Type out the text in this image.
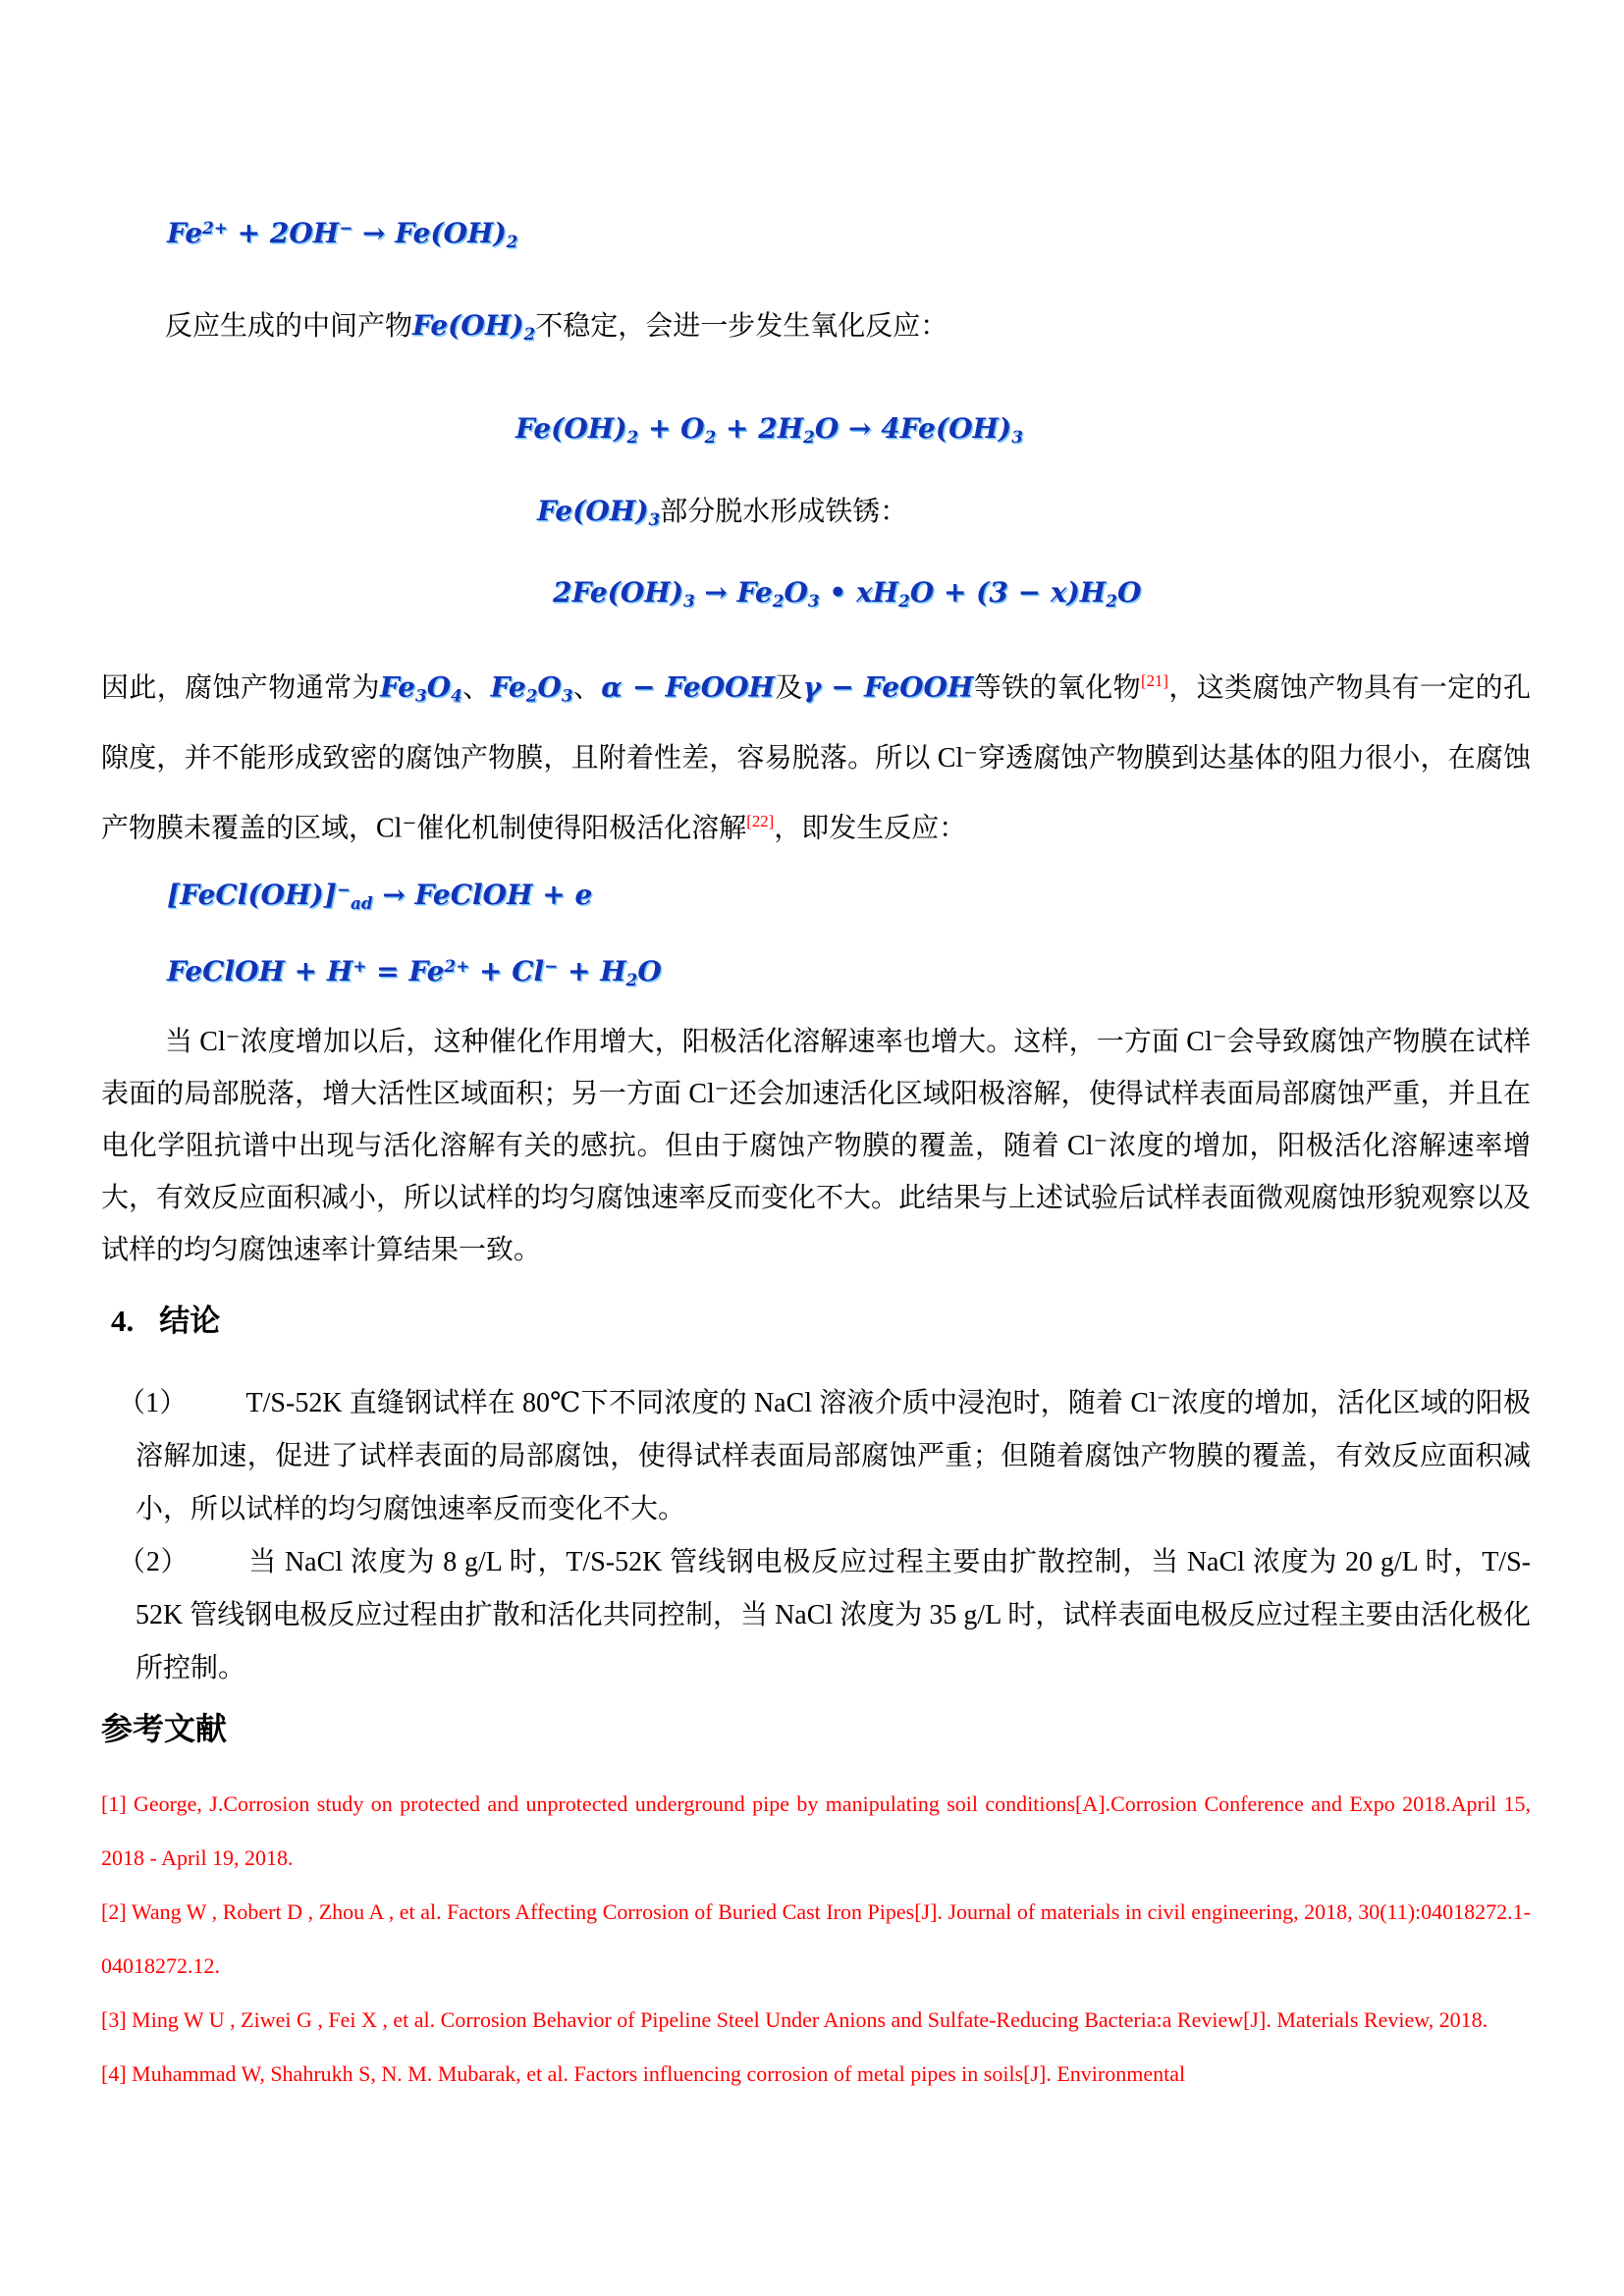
$Fe^{2+} + 2OH^- \to Fe(OH)2$

反应生成的中间产物Fe(OH)2不稳定，会进一步发生氧化反应：

Fe(OH)2 + O2 + 2H2O → 4Fe(OH)3
Fe(OH)3部分脱水形成铁锈：
2Fe(OH)3 → Fe2O3 • xH2O + (3 − x)H2O

因此，腐蚀产物通常为Fe3O4、Fe2O3、α − FeOOH及γ − FeOOH等铁的氧化物[21]，这类腐蚀产物具有一定的孔隙度，并不能形成致密的腐蚀产物膜，且附着性差，容易脱落。所以 Cl⁻穿透腐蚀产物膜到达基体的阻力很小，在腐蚀产物膜未覆盖的区域，Cl⁻催化机制使得阳极活化溶解[22]，即发生反应：

[FeCl(OH)]−ad → FeClOH + e
FeClOH + $H^+ = Fe^{2+} + Cl^- + H2O$

当 Cl⁻浓度增加以后，这种催化作用增大，阳极活化溶解速率也增大。这样，一方面 Cl⁻会导致腐蚀产物膜在试样表面的局部脱落，增大活性区域面积；另一方面 Cl⁻还会加速活化区域阳极溶解，使得试样表面局部腐蚀严重，并且在电化学阻抗谱中出现与活化溶解有关的感抗。但由于腐蚀产物膜的覆盖，随着 Cl⁻浓度的增加，阳极活化溶解速率增大，有效反应面积减小，所以试样的均匀腐蚀速率反而变化不大。此结果与上述试验后试样表面微观腐蚀形貌观察以及试样的均匀腐蚀速率计算结果一致。

4. 结论

（1） T/S-52K 直缝钢试样在 80℃下不同浓度的 NaCl 溶液介质中浸泡时，随着 Cl⁻浓度的增加，活化区域的阳极溶解加速，促进了试样表面的局部腐蚀，使得试样表面局部腐蚀严重；但随着腐蚀产物膜的覆盖，有效反应面积减小，所以试样的均匀腐蚀速率反而变化不大。

（2） 当 NaCl 浓度为 8 g/L 时，T/S-52K 管线钢电极反应过程主要由扩散控制，当 NaCl 浓度为 20 g/L 时，T/S-52K 管线钢电极反应过程由扩散和活化共同控制，当 NaCl 浓度为 35 g/L 时，试样表面电极反应过程主要由活化极化所控制。

参考文献

[1] George, J.Corrosion study on protected and unprotected underground pipe by manipulating soil conditions[A].Corrosion Conference and Expo 2018.April 15, 2018 - April 19, 2018.

[2] Wang W , Robert D , Zhou A , et al. Factors Affecting Corrosion of Buried Cast Iron Pipes[J]. Journal of materials in civil engineering, 2018, 30(11):04018272.1-04018272.12.

[3] Ming W U , Ziwei G , Fei X , et al. Corrosion Behavior of Pipeline Steel Under Anions and Sulfate-Reducing Bacteria:a Review[J]. Materials Review, 2018.

[4] Muhammad W, Shahrukh S, N. M. Mubarak, et al. Factors influencing corrosion of metal pipes in soils[J]. Environmental
